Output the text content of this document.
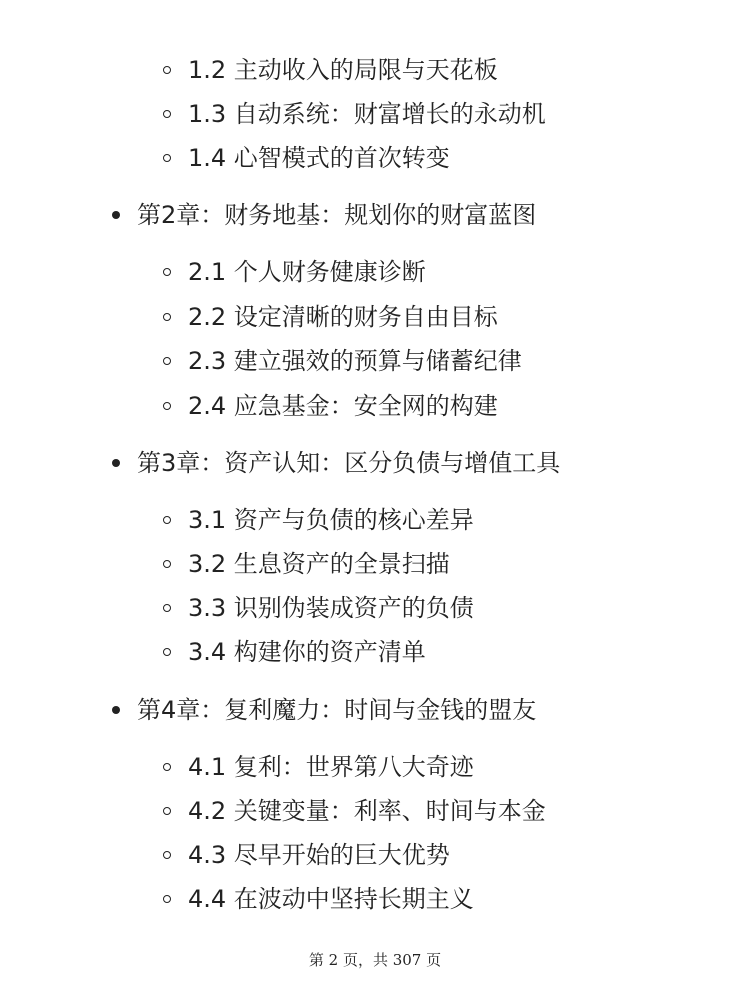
1.2 主动收入的局限与天花板
1.3 自动系统：财富增长的永动机
1.4 心智模式的首次转变
第2章：财务地基：规划你的财富蓝图
2.1 个人财务健康诊断
2.2 设定清晰的财务自由目标
2.3 建立强效的预算与储蓄纪律
2.4 应急基金：安全网的构建
第3章：资产认知：区分负债与增值工具
3.1 资产与负债的核心差异
3.2 生息资产的全景扫描
3.3 识别伪装成资产的负债
3.4 构建你的资产清单
第4章：复利魔力：时间与金钱的盟友
4.1 复利：世界第八大奇迹
4.2 关键变量：利率、时间与本金
4.3 尽早开始的巨大优势
4.4 在波动中坚持长期主义
第 2 页，共 307 页
